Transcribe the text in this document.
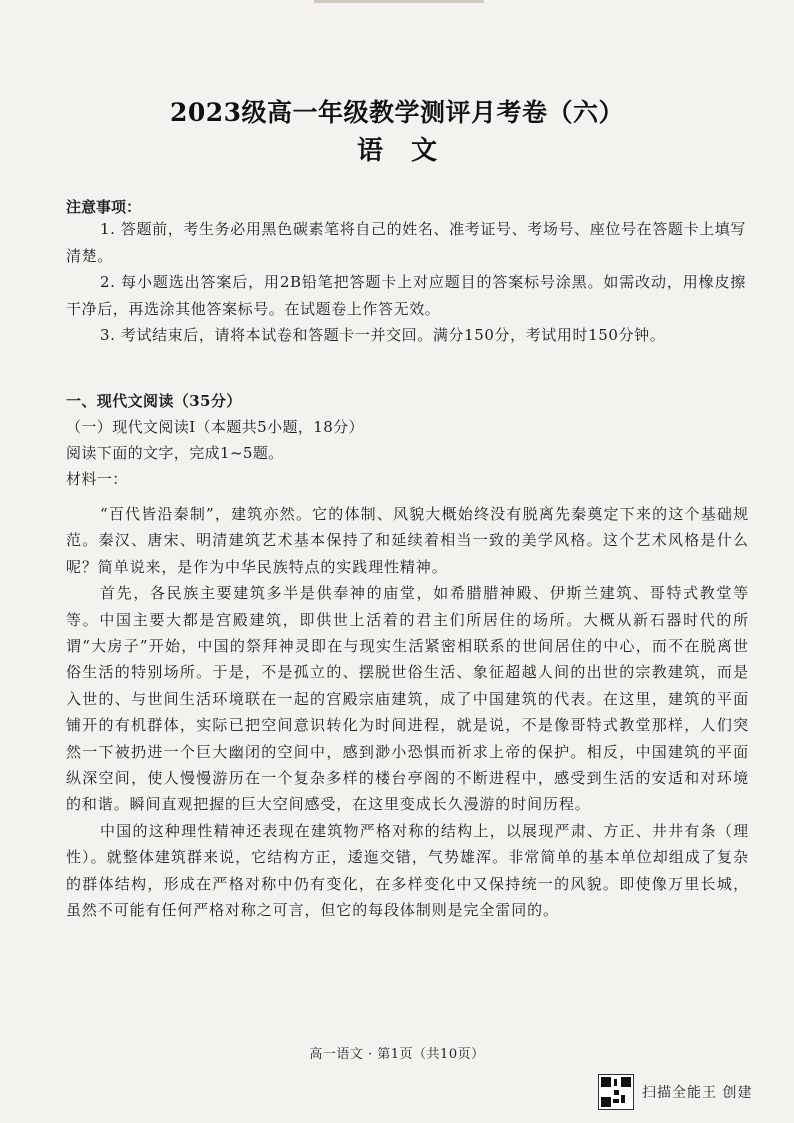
2023级高一年级教学测评月考卷（六）
语文
注意事项：

1. 答题前，考生务必用黑色碳素笔将自己的姓名、准考证号、考场号、座位号在答题卡上填写清楚。

2. 每小题选出答案后，用2B铅笔把答题卡上对应题目的答案标号涂黑。如需改动，用橡皮擦干净后，再选涂其他答案标号。在试题卷上作答无效。

3. 考试结束后，请将本试卷和答题卡一并交回。满分150分，考试用时150分钟。

一、现代文阅读（35分）
（一）现代文阅读Ⅰ（本题共5小题，18分）
阅读下面的文字，完成1~5题。
材料一：

“百代皆沿秦制”，建筑亦然。它的体制、风貌大概始终没有脱离先秦奠定下来的这个基础规范。秦汉、唐宋、明清建筑艺术基本保持了和延续着相当一致的美学风格。这个艺术风格是什么呢？简单说来，是作为中华民族特点的实践理性精神。

首先，各民族主要建筑多半是供奉神的庙堂，如希腊腊神殿、伊斯兰建筑、哥特式教堂等等。中国主要大都是宫殿建筑，即供世上活着的君主们所居住的场所。大概从新石器时代的所谓“大房子”开始，中国的祭拜神灵即在与现实生活紧密相联系的世间居住的中心，而不在脱离世俗生活的特别场所。于是，不是孤立的、摆脱世俗生活、象征超越人间的出世的宗教建筑，而是入世的、与世间生活环境联在一起的宫殿宗庙建筑，成了中国建筑的代表。在这里，建筑的平面铺开的有机群体，实际已把空间意识转化为时间进程，就是说，不是像哥特式教堂那样，人们突然一下被扔进一个巨大幽闭的空间中，感到渺小恐惧而祈求上帝的保护。相反，中国建筑的平面纵深空间，使人慢慢游历在一个复杂多样的楼台亭阁的不断进程中，感受到生活的安适和对环境的和谐。瞬间直观把握的巨大空间感受，在这里变成长久漫游的时间历程。

中国的这种理性精神还表现在建筑物严格对称的结构上，以展现严肃、方正、井井有条（理性）。就整体建筑群来说，它结构方正，逶迤交错，气势雄浑。非常简单的基本单位却组成了复杂的群体结构，形成在严格对称中仍有变化，在多样变化中又保持统一的风貌。即使像万里长城，虽然不可能有任何严格对称之可言，但它的每段体制则是完全雷同的。

高一语文 · 第1页（共10页）
扫描全能王 创建
